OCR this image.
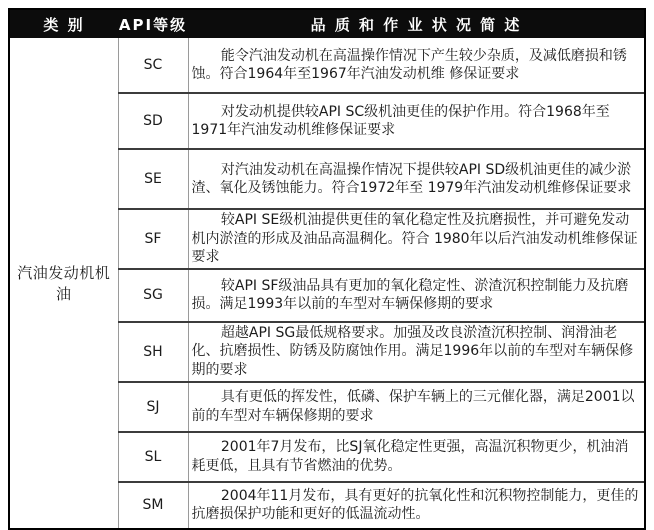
类 别	API等级	品 质 和 作 业 状 况 简 述
汽油发动机机油	SC	能令汽油发动机在高温操作情况下产生较少杂质，及减低磨损和锈蚀。符合1964年至1967年汽油发动机维 修保证要求

	SD	对发动机提供较API SC级机油更佳的保护作用。符合1968年至1971年汽油发动机维修保证要求

	SE	对汽油发动机在高温操作情况下提供较API SD级机油更佳的减少淤渣、氧化及锈蚀能力。符合1972年至 1979年汽油发动机维修保证要求

	SF	较API SE级机油提供更佳的氧化稳定性及抗磨损性，并可避免发动机内淤渣的形成及油品高温稠化。符合 1980年以后汽油发动机维修保证要求

	SG	较API SF级油品具有更加的氧化稳定性、淤渣沉积控制能力及抗磨损。满足1993年以前的车型对车辆保修期的要求

	SH	超越API SG最低规格要求。加强及改良淤渣沉积控制、润滑油老化、抗磨损性、防锈及防腐蚀作用。满足1996年以前的车型对车辆保修期的要求

	SJ	具有更低的挥发性，低磷、保护车辆上的三元催化器，满足2001以前的车型对车辆保修期的要求

	SL	2001年7月发布，比SJ氧化稳定性更强，高温沉积物更少，机油消耗更低，且具有节省燃油的优势。

	SM	2004年11月发布，具有更好的抗氧化性和沉积物控制能力，更佳的抗磨损保护功能和更好的低温流动性。
